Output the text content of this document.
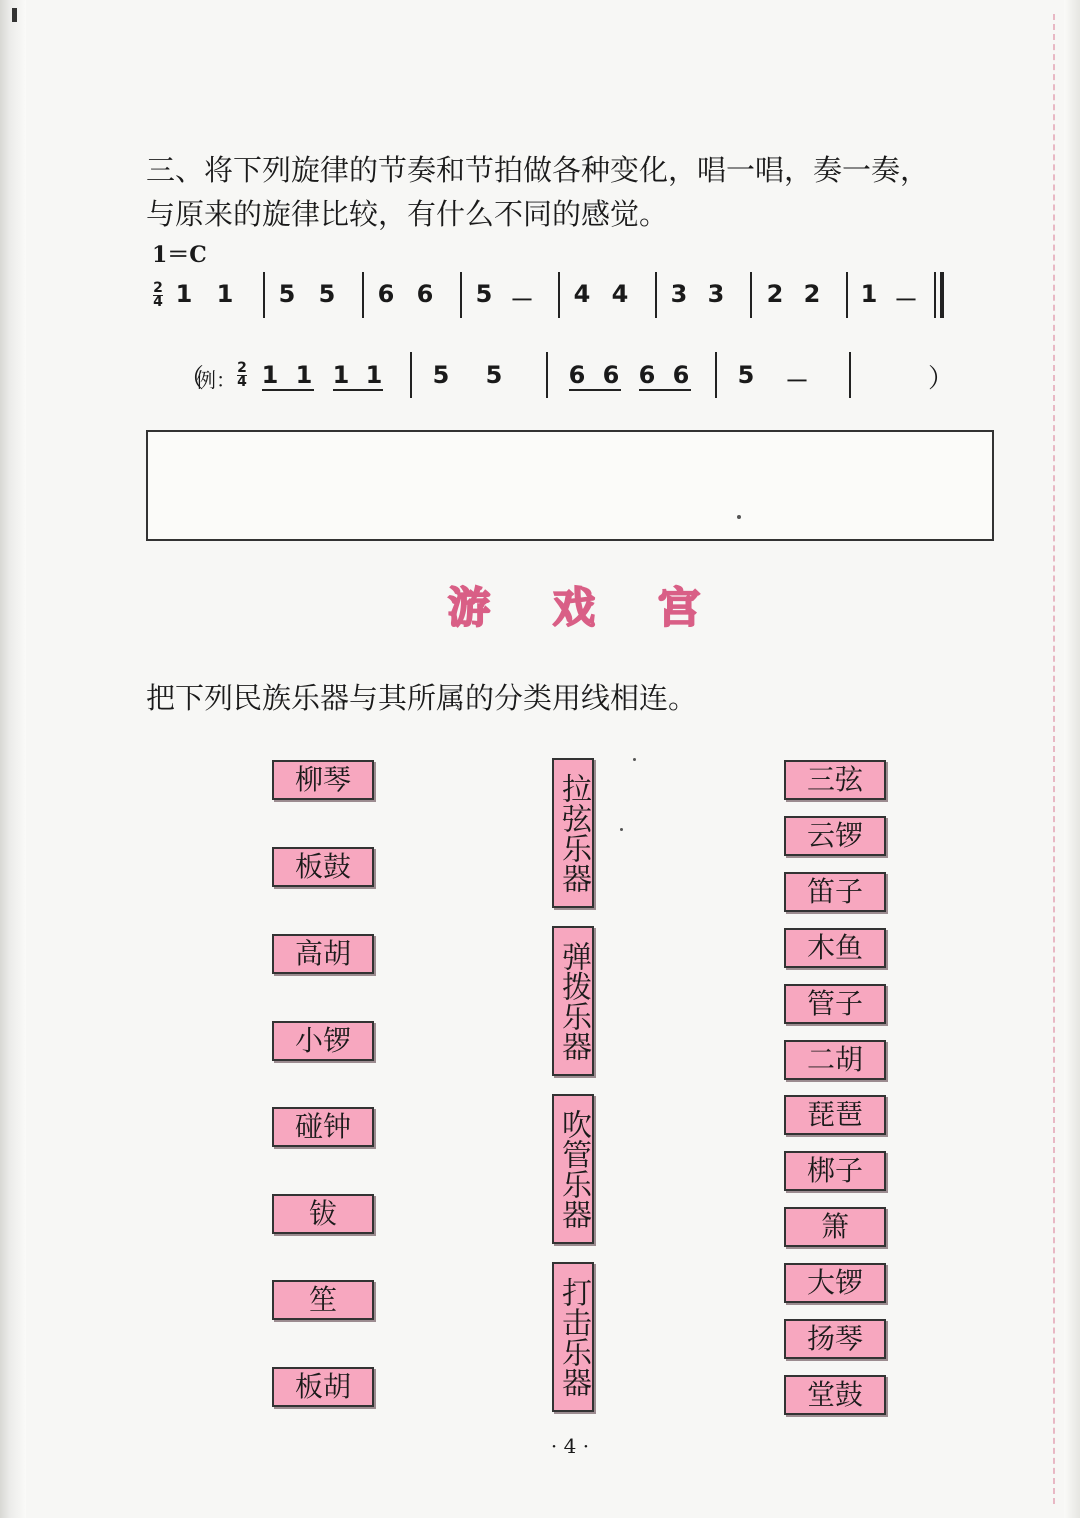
三、将下列旋律的节奏和节拍做各种变化，唱一唱，奏一奏，
与原来的旋律比较，有什么不同的感觉。

1＝C
2
4 1 1 5 5 6 6 5 － 4 4 3 3 2 2 1 －
（
例： 2
4 1 1 1 1 5 5	6 6 6 6 5 －	）
游	戏	宫
把下列民族乐器与其所属的分类用线相连。
柳琴
板鼓
高胡
小锣
碰钟
钹
笙
板胡
拉弦乐器
弹拨乐器
吹管乐器
打击乐器
三弦
云锣
笛子
木鱼
管子
二胡
琵琶
梆子
箫
大锣
扬琴
堂鼓
· 4 ·
